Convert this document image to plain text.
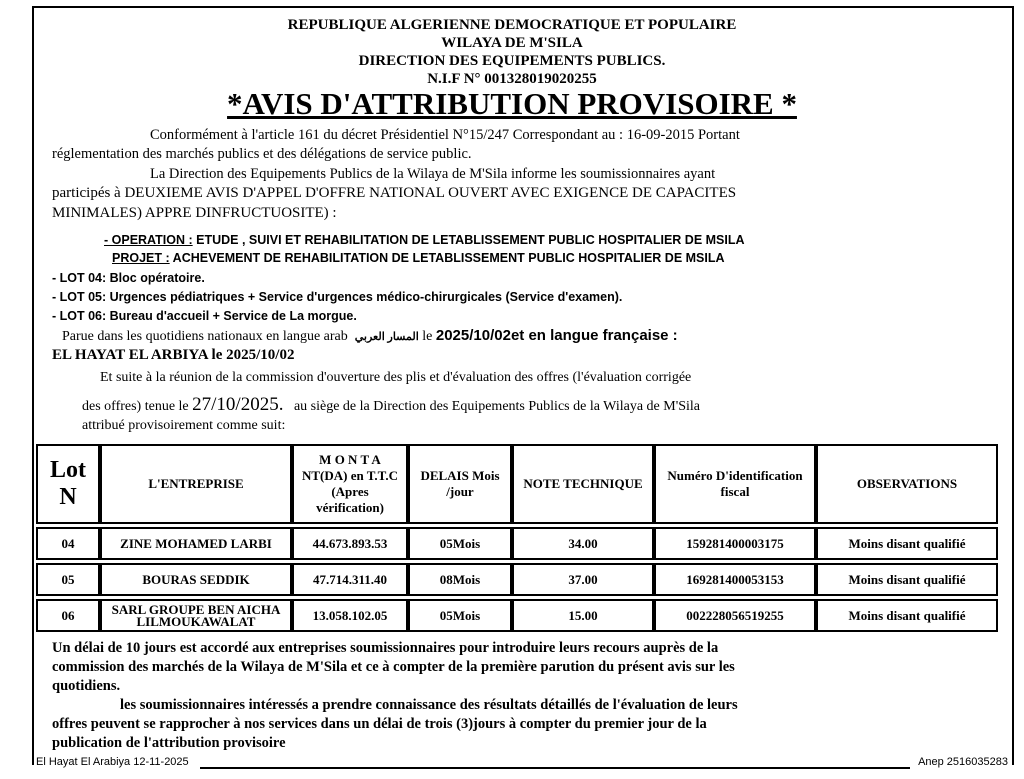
REPUBLIQUE ALGERIENNE DEMOCRATIQUE ET POPULAIRE
WILAYA DE M'SILA
DIRECTION DES EQUIPEMENTS PUBLICS.
N.I.F N° 001328019020255
*AVIS D'ATTRIBUTION PROVISOIRE *
Conformément à l'article 161 du décret Présidentiel N°15/247 Correspondant au : 16-09-2015 Portant
réglementation des marchés publics et des délégations de service public.
La Direction des Equipements Publics de la Wilaya de M'Sila informe les soumissionnaires ayant
participés à DEUXIEME AVIS D'APPEL D'OFFRE NATIONAL OUVERT AVEC EXIGENCE DE CAPACITES
MINIMALES) APPRE DINFRUCTUOSITE) :
- OPERATION : ETUDE , SUIVI ET REHABILITATION DE LETABLISSEMENT PUBLIC HOSPITALIER DE MSILA
PROJET : ACHEVEMENT DE REHABILITATION DE LETABLISSEMENT PUBLIC HOSPITALIER DE MSILA
- LOT 04: Bloc opératoire.
- LOT 05: Urgences pédiatriques + Service d'urgences médico-chirurgicales (Service d'examen).
- LOT 06: Bureau d'accueil + Service de La morgue.
Parue dans les quotidiens nationaux en langue arab المسار العربي le 2025/10/02et en langue française :
EL HAYAT EL ARBIYA le 2025/10/02
Et suite à la réunion de la commission d'ouverture des plis et d'évaluation des offres (l'évaluation corrigée
des offres) tenue le 27/10/2025. au siège de la Direction des Equipements Publics de la Wilaya de M'Sila
attribué provisoirement comme suit:
Lot N	L'ENTREPRISE	M O N T A NT(DA) en T.T.C (Apres vérification)	DELAIS Mois /jour	NOTE TECHNIQUE	Numéro D'identification fiscal	OBSERVATIONS
04	ZINE MOHAMED LARBI	44.673.893.53	05Mois	34.00	159281400003175	Moins disant qualifié
05	BOURAS SEDDIK	47.714.311.40	08Mois	37.00	169281400053153	Moins disant qualifié
06	SARL GROUPE BEN AICHA LILMOUKAWALAT	13.058.102.05	05Mois	15.00	002228056519255	Moins disant qualifié
Un délai de 10 jours est accordé aux entreprises soumissionnaires pour introduire leurs recours auprès de la
commission des marchés de la Wilaya de M'Sila et ce à compter de la première parution du présent avis sur les
quotidiens.
les soumissionnaires intéressés a prendre connaissance des résultats détaillés de l'évaluation de leurs
offres peuvent se rapprocher à nos services dans un délai de trois (3)jours à compter du premier jour de la
publication de l'attribution provisoire
El Hayat El Arabiya 12-11-2025	Anep 2516035283
